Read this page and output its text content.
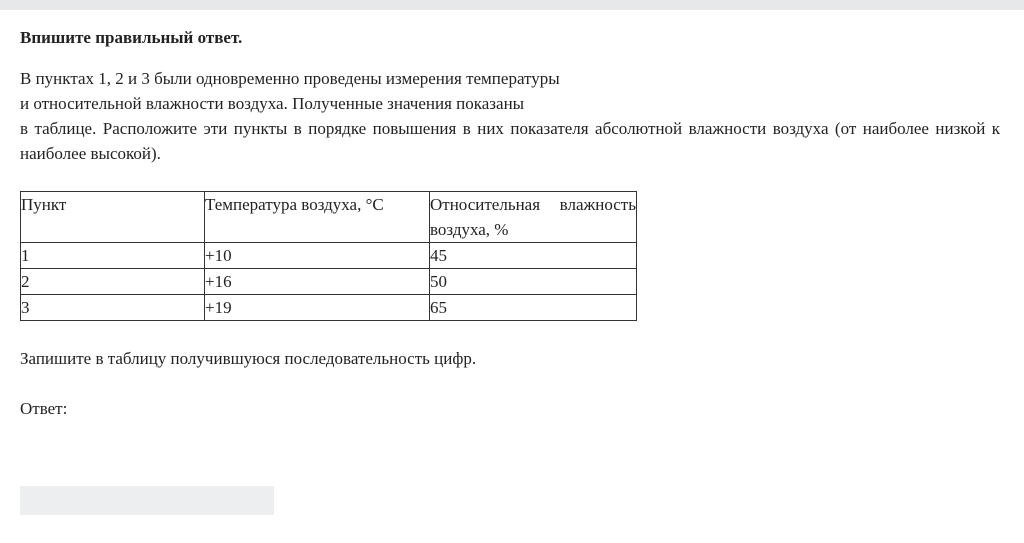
Впишите правильный ответ.

В пунктах 1, 2 и 3 были одновременно проведены измерения температуры
и относительной влажности воздуха. Полученные значения показаны
в таблице. Расположите эти пункты в порядке повышения в них показателя абсолютной влажности воздуха (от наиболее низкой к наиболее высокой).

Пункт	Температура воздуха, °С	Относительная влажность воздуха, %
1	+10	45
2	+16	50
3	+19	65

Запишите в таблицу получившуюся последовательность цифр.

Ответ:
